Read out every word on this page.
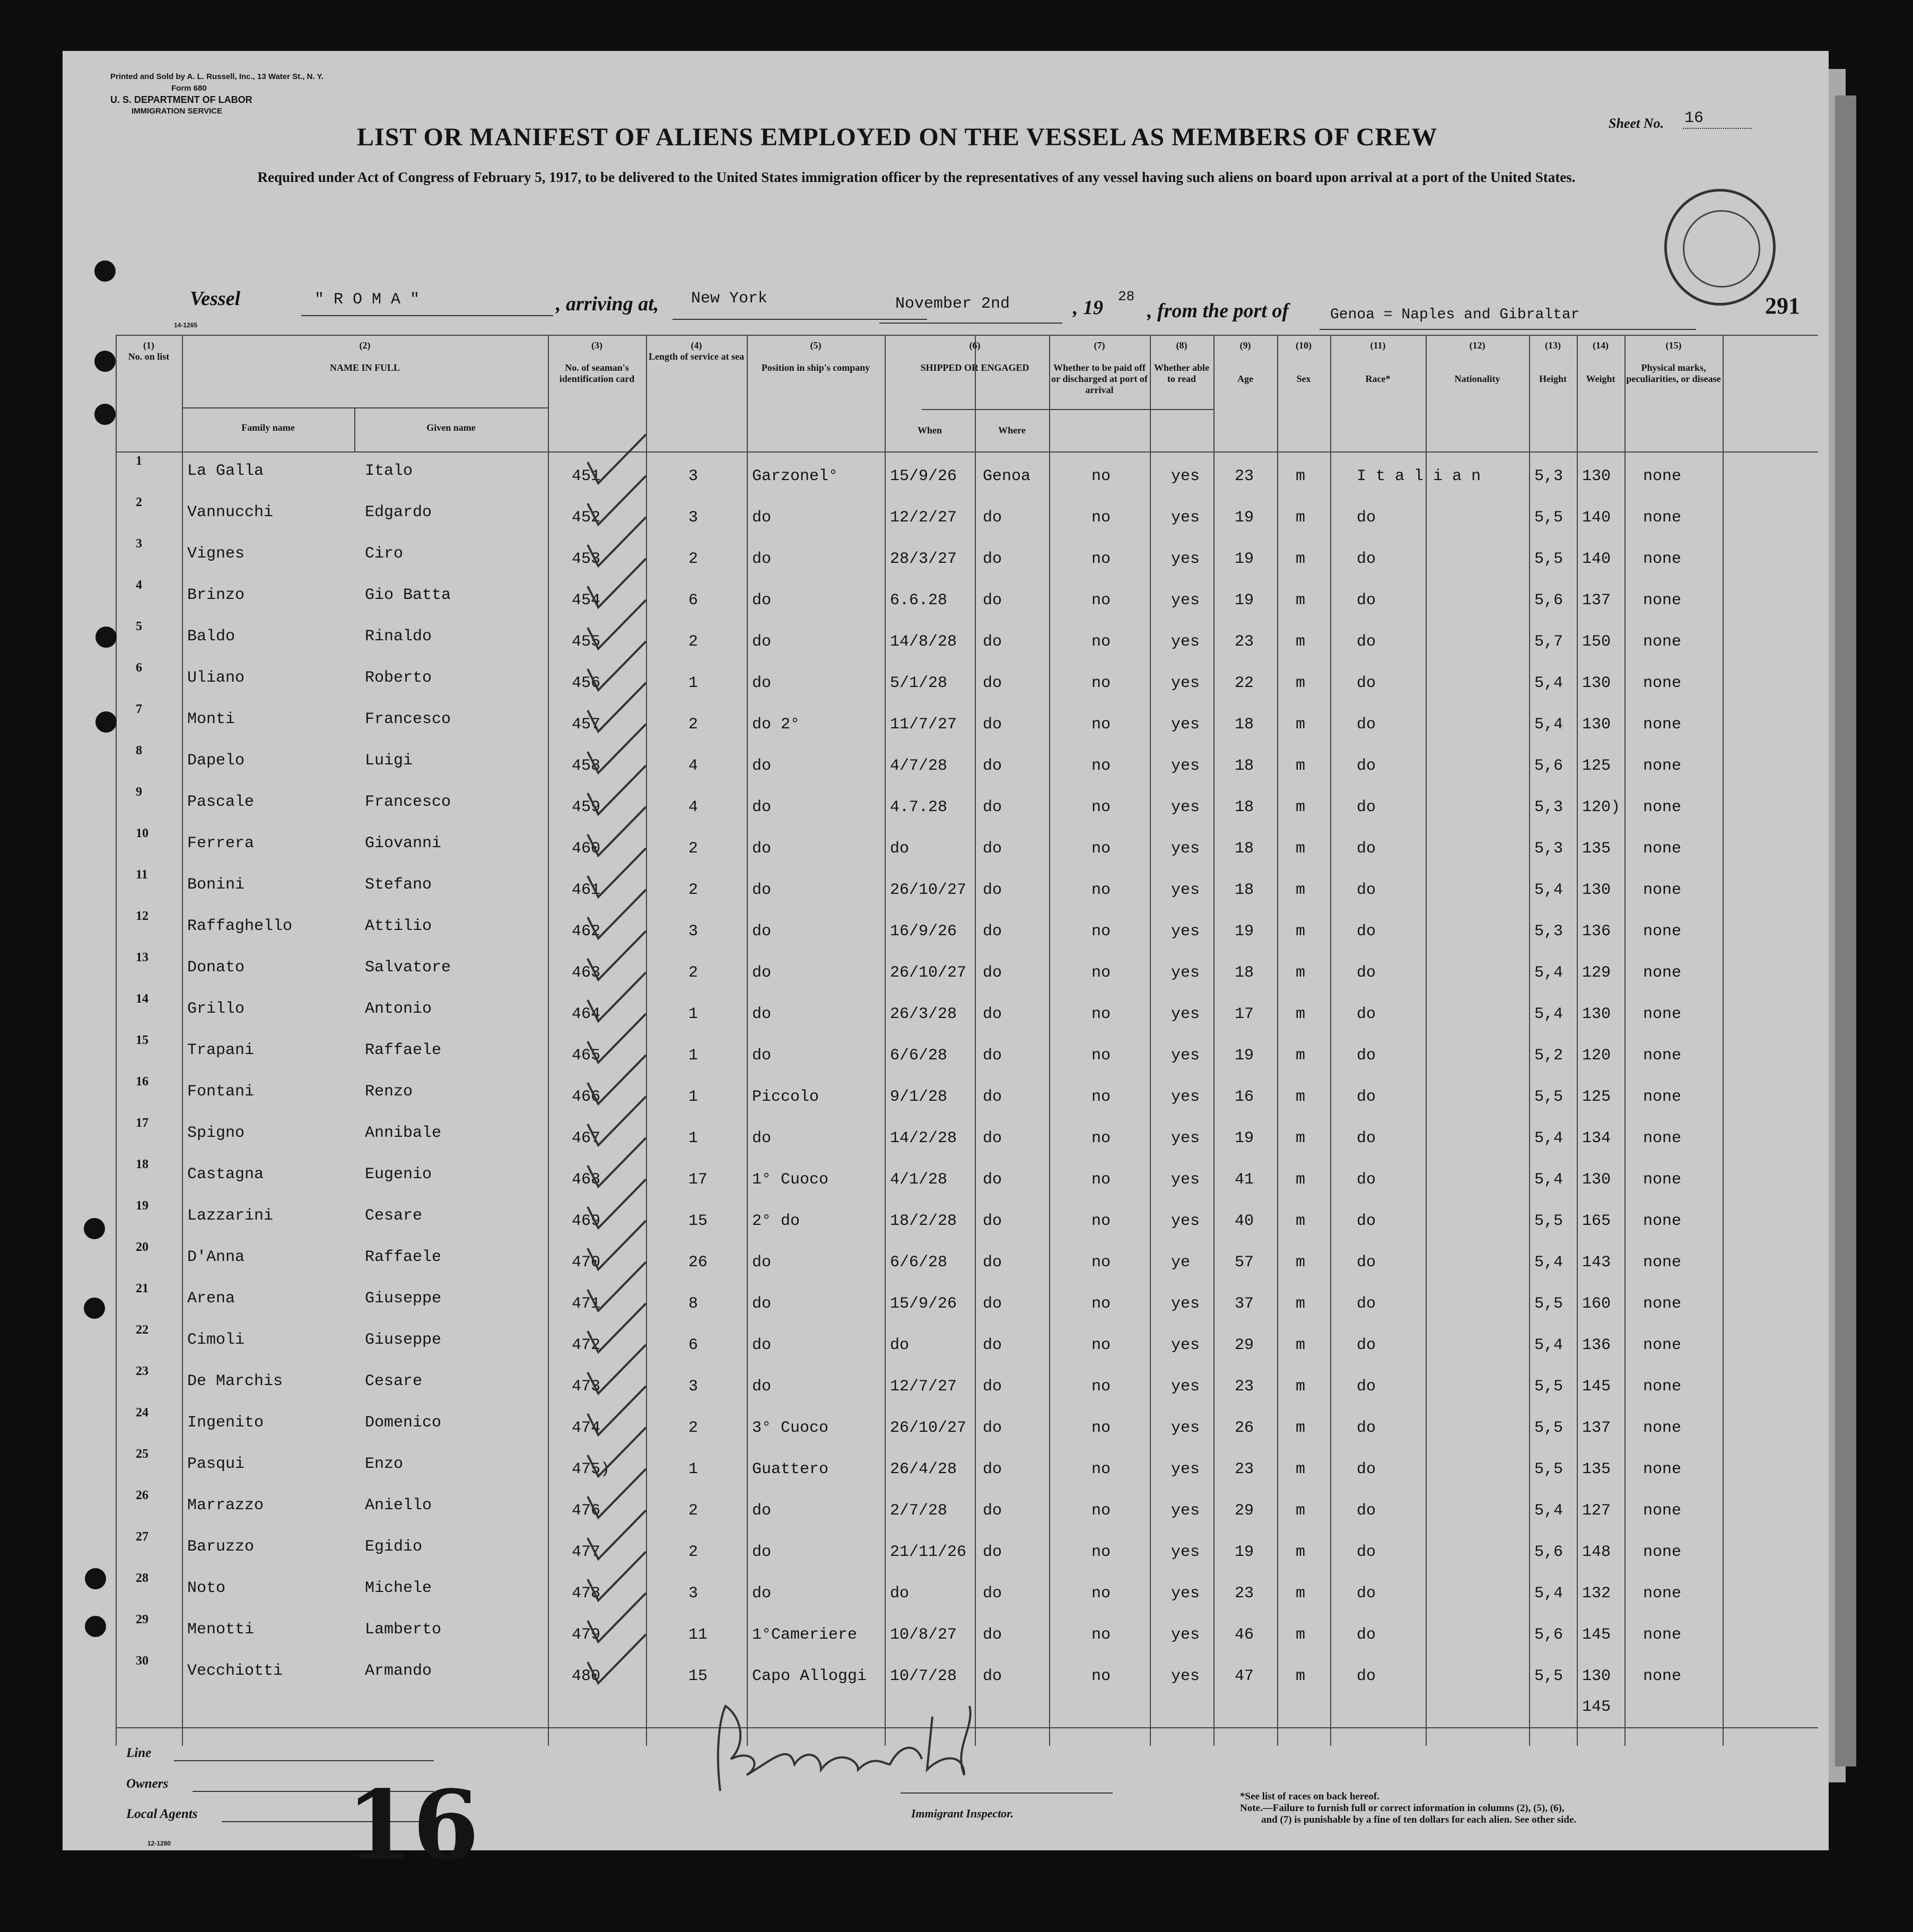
Printed and Sold by A. L. Russell, Inc., 13 Water St., N. Y.
Form 680
U. S. DEPARTMENT OF LABOR
IMMIGRATION SERVICE
LIST OR MANIFEST OF ALIENS EMPLOYED ON THE VESSEL AS MEMBERS OF CREW	Sheet No. 16
Required under Act of Congress of February 5, 1917, to be delivered to the United States immigration officer by the representatives of any vessel having such aliens on board upon arrival at a port of the United States.
Vessel	" R O M A "	, arriving at, New York	November 2nd	, 19 28
, from the port of	Genoa = Naples and Gibraltar	291
14-1265
(1)
No. on list
(2)

NAME IN FULL
Family name	Given name
(3)

No. of seaman's identification card
(4)
Length of service at sea
(5)

Position in ship's company
(6)

SHIPPED OR ENGAGED
When	Where
(7)

Whether to be paid off or discharged at port of arrival
(8)

Whether able to read
(9)

Age
(10)

Sex
(11)

Race*
(12)

Nationality
(13)

Height
(14)

Weight
(15)

Physical marks, peculiarities, or disease
1
La Galla	Italo	451	3	Garzonel°	15/9/26 Genoa	no	yes 23	m	I t a l i a n	5,3 130 none
2
Vannucchi	Edgardo	452	3	do	12/2/27 do	no	yes 19	m	do	5,5 140 none
3
Vignes	Ciro	453	2	do	28/3/27 do	no	yes 19	m	do	5,5 140 none
4
Brinzo	Gio Batta	454	6	do	6.6.28 do	no	yes 19	m	do	5,6 137 none
5
Baldo	Rinaldo	455	2	do	14/8/28 do	no	yes 23	m	do	5,7 150 none
6
Uliano	Roberto	456	1	do	5/1/28 do	no	yes 22	m	do	5,4 130 none
7
Monti	Francesco	457	2	do 2°	11/7/27 do	no	yes 18	m	do	5,4 130 none
8
Dapelo	Luigi	458	4	do	4/7/28 do	no	yes 18	m	do	5,6 125 none
9
Pascale	Francesco	459	4	do	4.7.28 do	no	yes 18	m	do	5,3 120) none
10
Ferrera	Giovanni	460	2	do	do	do	no	yes 18	m	do	5,3 135 none
11
Bonini	Stefano	461	2	do	26/10/27 do	no	yes 18	m	do	5,4 130 none
12
Raffaghello	Attilio	462	3	do	16/9/26 do	no	yes 19	m	do	5,3 136 none
13
Donato	Salvatore	463	2	do	26/10/27 do	no	yes 18	m	do	5,4 129 none
14
Grillo	Antonio	464	1	do	26/3/28 do	no	yes 17	m	do	5,4 130 none
15
Trapani	Raffaele	465	1	do	6/6/28 do	no	yes 19	m	do	5,2 120 none
16
Fontani	Renzo	466	1	Piccolo	9/1/28 do	no	yes 16	m	do	5,5 125 none
17
Spigno	Annibale	467	1	do	14/2/28 do	no	yes 19	m	do	5,4 134 none
18
Castagna	Eugenio	468	17	1° Cuoco	4/1/28 do	no	yes 41	m	do	5,4 130 none
19
Lazzarini	Cesare	469	15	2° do	18/2/28 do	no	yes 40	m	do	5,5 165 none
20
D'Anna	Raffaele	470	26	do	6/6/28 do	no	ye	57	m	do	5,4 143 none
21
Arena	Giuseppe	471	8	do	15/9/26 do	no	yes 37	m	do	5,5 160 none
22
Cimoli	Giuseppe	472	6	do	do	do	no	yes 29	m	do	5,4 136 none
23
De Marchis	Cesare	473	3	do	12/7/27 do	no	yes 23	m	do	5,5 145 none
24
Ingenito	Domenico	474	2	3° Cuoco	26/10/27 do	no	yes 26	m	do	5,5 137 none
25
Pasqui	Enzo	475)	1	Guattero	26/4/28 do	no	yes 23	m	do	5,5 135 none
26
Marrazzo	Aniello	476	2	do	2/7/28 do	no	yes 29	m	do	5,4 127 none
27
Baruzzo	Egidio	477	2	do	21/11/26 do	no	yes 19	m	do	5,6 148 none
28
Noto	Michele	478	3	do	do	do	no	yes 23	m	do	5,4 132 none
29
Menotti	Lamberto	479	11	1°Cameriere 10/8/27 do	no	yes 46	m	do	5,6 145 none
30
Vecchiotti	Armando	480	15	Capo Alloggi 10/7/28 do	no	yes 47	m	do	5,5 130 none
145
Line
Owners
Local Agents
12-1280 16	Immigrant Inspector.
*See list of races on back hereof.
Note.—Failure to furnish full or correct information in columns (2), (5), (6),
and (7) is punishable by a fine of ten dollars for each alien. See other side.
